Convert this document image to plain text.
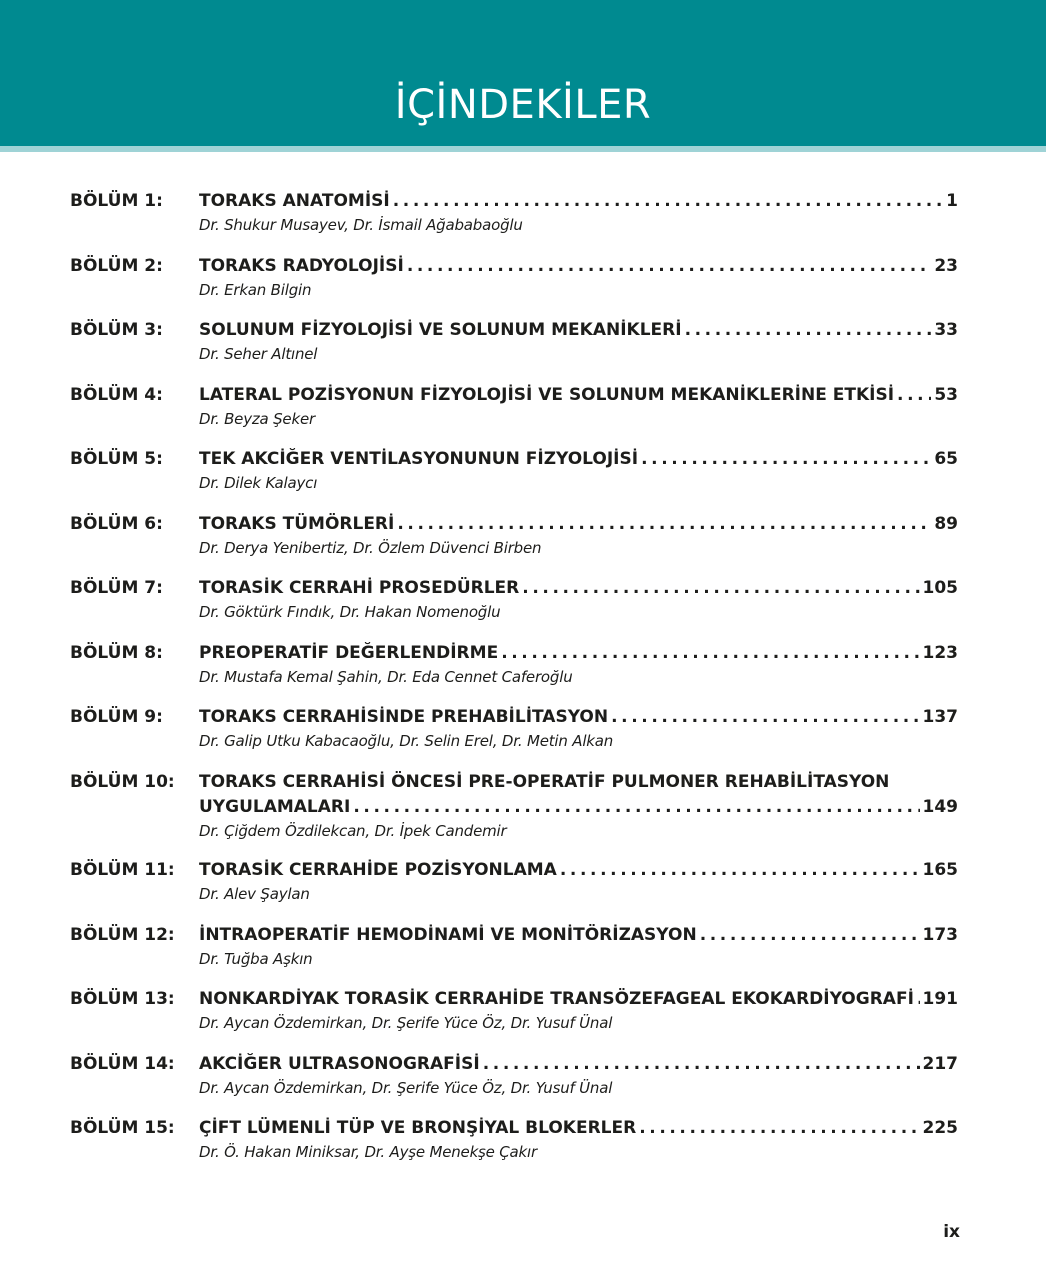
İÇİNDEKİLER
BÖLÜM 1: TORAKS ANATOMİSİ .....	1
Dr. Shukur Musayev, Dr. İsmail Ağababaoğlu
BÖLÜM 2: TORAKS RADYOLOJİSİ .....	23
Dr. Erkan Bilgin
BÖLÜM 3: SOLUNUM FİZYOLOJİSİ VE SOLUNUM MEKANİKLERİ .....	33
Dr. Seher Altınel
BÖLÜM 4: LATERAL POZİSYONUN FİZYOLOJİSİ VE SOLUNUM MEKANİKLERİNE ETKİSİ ..... 53
Dr. Beyza Şeker
BÖLÜM 5: TEK AKCİĞER VENTİLASYONUNUN FİZYOLOJİSİ .....	65
Dr. Dilek Kalaycı
BÖLÜM 6: TORAKS TÜMÖRLERİ .....	89
Dr. Derya Yenibertiz, Dr. Özlem Düvenci Birben
BÖLÜM 7: TORASİK CERRAHİ PROSEDÜRLER .....	105
Dr. Göktürk Fındık, Dr. Hakan Nomenoğlu
BÖLÜM 8: PREOPERATİF DEĞERLENDİRME .....	123
Dr. Mustafa Kemal Şahin, Dr. Eda Cennet Caferoğlu
BÖLÜM 9: TORAKS CERRAHİSİNDE PREHABİLİTASYON .....	137
Dr. Galip Utku Kabacaoğlu, Dr. Selin Erel, Dr. Metin Alkan
BÖLÜM 10: TORAKS CERRAHİSİ ÖNCESİ PRE-OPERATİF PULMONER REHABİLİTASYON
UYGULAMALARI .....	149
Dr. Çiğdem Özdilekcan, Dr. İpek Candemir
BÖLÜM 11: TORASİK CERRAHİDE POZİSYONLAMA .....	165
Dr. Alev Şaylan
BÖLÜM 12: İNTRAOPERATİF HEMODİNAMİ VE MONİTÖRİZASYON .....	173
Dr. Tuğba Aşkın
BÖLÜM 13: NONKARDİYAK TORASİK CERRAHİDE TRANSÖZEFAGEAL EKOKARDİYOGRAFİ ..... 191
Dr. Aycan Özdemirkan, Dr. Şerife Yüce Öz, Dr. Yusuf Ünal
BÖLÜM 14: AKCİĞER ULTRASONOGRAFİSİ .....	217
Dr. Aycan Özdemirkan, Dr. Şerife Yüce Öz, Dr. Yusuf Ünal
BÖLÜM 15: ÇİFT LÜMENLİ TÜP VE BRONŞİYAL BLOKERLER .....	225
Dr. Ö. Hakan Miniksar, Dr. Ayşe Menekşe Çakır
ix
